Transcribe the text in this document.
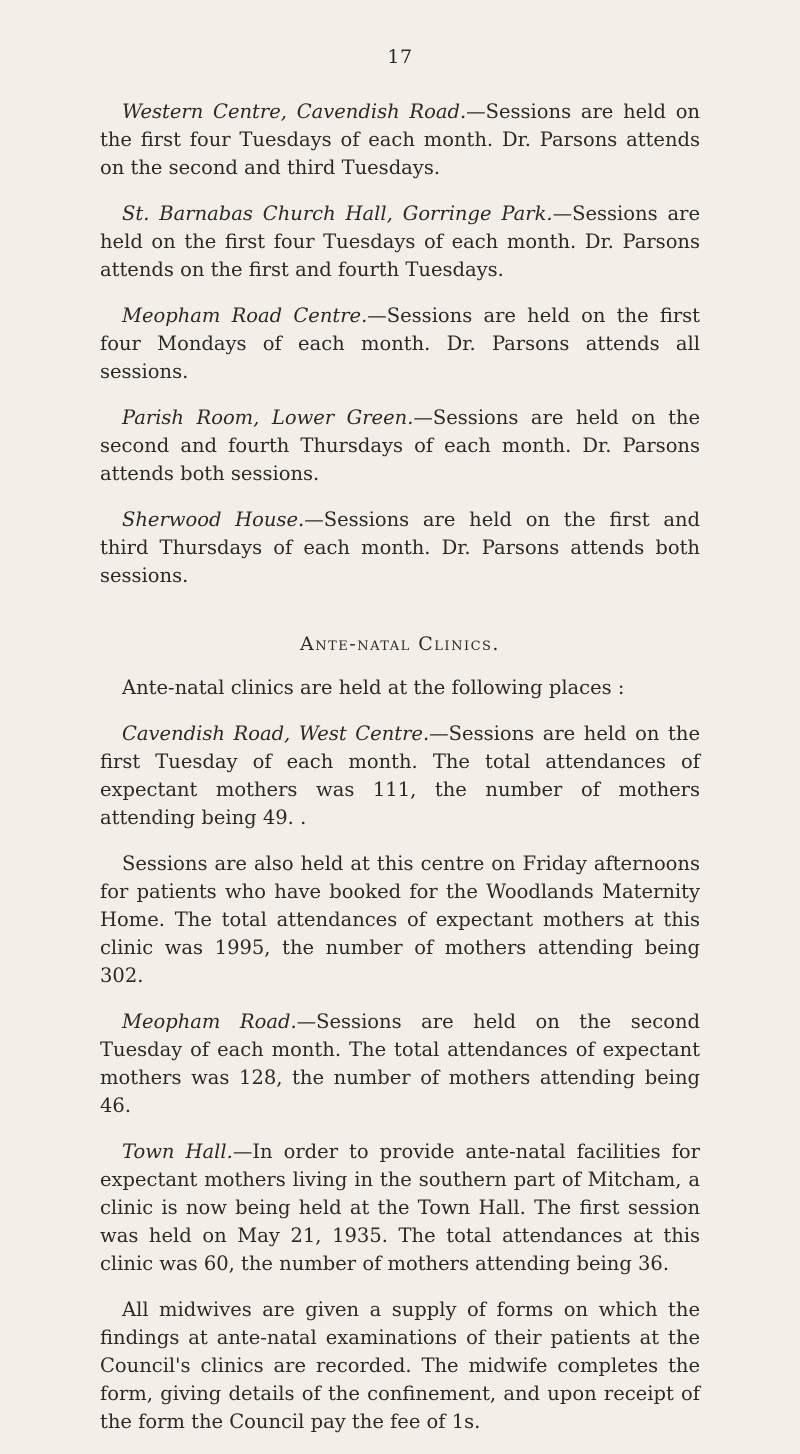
17

Western Centre, Cavendish Road.—Sessions are held on the first four Tuesdays of each month. Dr. Parsons attends on the second and third Tuesdays.

St. Barnabas Church Hall, Gorringe Park.—Sessions are held on the first four Tuesdays of each month. Dr. Parsons attends on the first and fourth Tuesdays.

Meopham Road Centre.—Sessions are held on the first four Mondays of each month. Dr. Parsons attends all sessions.

Parish Room, Lower Green.—Sessions are held on the second and fourth Thursdays of each month. Dr. Parsons attends both sessions.

Sherwood House.—Sessions are held on the first and third Thursdays of each month. Dr. Parsons attends both sessions.

Ante-natal Clinics.

Ante-natal clinics are held at the following places :

Cavendish Road, West Centre.—Sessions are held on the first Tuesday of each month. The total attendances of expectant mothers was 111, the number of mothers attending being 49. .

Sessions are also held at this centre on Friday afternoons for patients who have booked for the Woodlands Maternity Home. The total attendances of expectant mothers at this clinic was 1995, the number of mothers attending being 302.

Meopham Road.—Sessions are held on the second Tuesday of each month. The total attendances of expectant mothers was 128, the number of mothers attending being 46.

Town Hall.—In order to provide ante-natal facilities for expectant mothers living in the southern part of Mitcham, a clinic is now being held at the Town Hall. The first session was held on May 21, 1935. The total attendances at this clinic was 60, the number of mothers attending being 36.

All midwives are given a supply of forms on which the findings at ante-natal examinations of their patients at the Council's clinics are recorded. The midwife completes the form, giving details of the confinement, and upon receipt of the form the Council pay the fee of 1s.
